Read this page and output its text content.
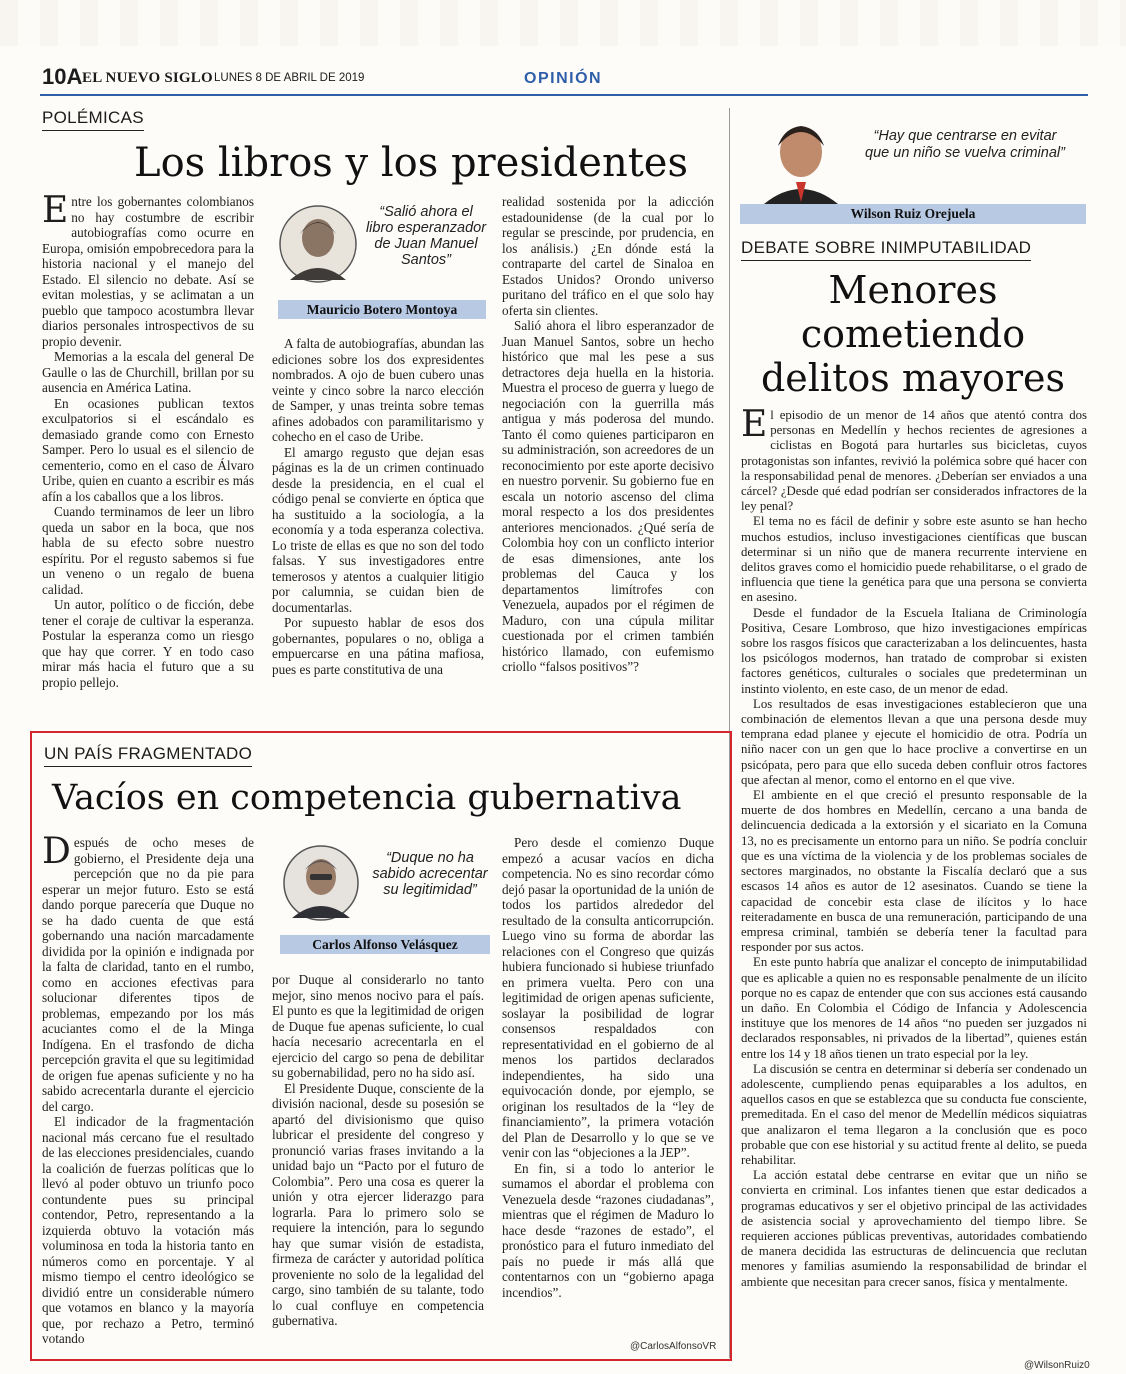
10A EL NUEVO SIGLO LUNES 8 DE ABRIL DE 2019	OPINIÓN
POLÉMICAS
Los libros y los presidentes

Entre los gobernantes colombianos no hay costumbre de escribir autobiografías como ocurre en Europa, omisión empobrecedora para la historia nacional y el manejo del Estado. El silencio no debate. Así se evitan molestias, y se aclimatan a un pueblo que tampoco acostumbra llevar diarios personales introspectivos de su propio devenir.

Memorias a la escala del general De Gaulle o las de Churchill, brillan por su ausencia en América Latina.

En ocasiones publican textos exculpatorios si el escándalo es demasiado grande como con Ernesto Samper. Pero lo usual es el silencio de cementerio, como en el caso de Álvaro Uribe, quien en cuanto a escribir es más afín a los caballos que a los libros.

Cuando terminamos de leer un libro queda un sabor en la boca, que nos habla de su efecto sobre nuestro espíritu. Por el regusto sabemos si fue un veneno o un regalo de buena calidad.

Un autor, político o de ficción, debe tener el coraje de cultivar la esperanza. Postular la esperanza como un riesgo que hay que correr. Y en todo caso mirar más hacia el futuro que a su propio pellejo.

“Salió ahora el libro esperanzador de Juan Manuel Santos”
Mauricio Botero Montoya

A falta de autobiografías, abundan las ediciones sobre los dos expresidentes nombrados. A ojo de buen cubero unas veinte y cinco sobre la narco elección de Samper, y unas treinta sobre temas afines adobados con paramilitarismo y cohecho en el caso de Uribe.

El amargo regusto que dejan esas páginas es la de un crimen continuado desde la presidencia, en el cual el código penal se convierte en óptica que ha sustituido a la sociología, a la economía y a toda esperanza colectiva. Lo triste de ellas es que no son del todo falsas. Y sus investigadores entre temerosos y atentos a cualquier litigio por calumnia, se cuidan bien de documentarlas.

Por supuesto hablar de esos dos gobernantes, populares o no, obliga a empuercarse en una pátina mafiosa, pues es parte constitutiva de una

realidad sostenida por la adicción estadounidense (de la cual por lo regular se prescinde, por prudencia, en los análisis.) ¿En dónde está la contraparte del cartel de Sinaloa en Estados Unidos? Orondo universo puritano del tráfico en el que solo hay oferta sin clientes.

Salió ahora el libro esperanzador de Juan Manuel Santos, sobre un hecho histórico que mal les pese a sus detractores deja huella en la historia. Muestra el proceso de guerra y luego de negociación con la guerrilla más antigua y más poderosa del mundo. Tanto él como quienes participaron en su administración, son acreedores de un reconocimiento por este aporte decisivo en nuestro porvenir. Su gobierno fue en escala un notorio ascenso del clima moral respecto a los dos presidentes anteriores mencionados. ¿Qué sería de Colombia hoy con un conflicto interior de esas dimensiones, ante los problemas del Cauca y los departamentos limítrofes con Venezuela, aupados por el régimen de Maduro, con una cúpula militar cuestionada por el crimen también histórico llamado, con eufemismo criollo “falsos positivos”?

UN PAÍS FRAGMENTADO
Vacíos en competencia gubernativa

Después de ocho meses de gobierno, el Presidente deja una percepción que no da pie para esperar un mejor futuro. Esto se está dando porque parecería que Duque no se ha dado cuenta de que está gobernando una nación marcadamente dividida por la opinión e indignada por la falta de claridad, tanto en el rumbo, como en acciones efectivas para solucionar diferentes tipos de problemas, empezando por los más acuciantes como el de la Minga Indígena. En el trasfondo de dicha percepción gravita el que su legitimidad de origen fue apenas suficiente y no ha sabido acrecentarla durante el ejercicio del cargo.

El indicador de la fragmentación nacional más cercano fue el resultado de las elecciones presidenciales, cuando la coalición de fuerzas políticas que lo llevó al poder obtuvo un triunfo poco contundente pues su principal contendor, Petro, representando a la izquierda obtuvo la votación más voluminosa en toda la historia tanto en números como en porcentaje. Y al mismo tiempo el centro ideológico se dividió entre un considerable número que votamos en blanco y la mayoría que, por rechazo a Petro, terminó votando

“Duque no ha sabido acrecentar su legitimidad”
Carlos Alfonso Velásquez

por Duque al considerarlo no tanto mejor, sino menos nocivo para el país. El punto es que la legitimidad de origen de Duque fue apenas suficiente, lo cual hacía necesario acrecentarla en el ejercicio del cargo so pena de debilitar su gobernabilidad, pero no ha sido así.

El Presidente Duque, consciente de la división nacional, desde su posesión se apartó del divisionismo que quiso lubricar el presidente del congreso y pronunció varias frases invitando a la unidad bajo un “Pacto por el futuro de Colombia”. Pero una cosa es querer la unión y otra ejercer liderazgo para lograrla. Para lo primero solo se requiere la intención, para lo segundo hay que sumar visión de estadista, firmeza de carácter y autoridad política proveniente no solo de la legalidad del cargo, sino también de su talante, todo lo cual confluye en competencia gubernativa.

Pero desde el comienzo Duque empezó a acusar vacíos en dicha competencia. No es sino recordar cómo dejó pasar la oportunidad de la unión de todos los partidos alrededor del resultado de la consulta anticorrupción. Luego vino su forma de abordar las relaciones con el Congreso que quizás hubiera funcionado si hubiese triunfado en primera vuelta. Pero con una legitimidad de origen apenas suficiente, soslayar la posibilidad de lograr consensos respaldados con representatividad en el gobierno de al menos los partidos declarados independientes, ha sido una equivocación donde, por ejemplo, se originan los resultados de la “ley de financiamiento”, la primera votación del Plan de Desarrollo y lo que se ve venir con las “objeciones a la JEP”.

En fin, si a todo lo anterior le sumamos el abordar el problema con Venezuela desde “razones ciudadanas”, mientras que el régimen de Maduro lo hace desde “razones de estado”, el pronóstico para el futuro inmediato del país no puede ir más allá que contentarnos con un “gobierno apaga incendios”.

@CarlosAlfonsoVR
“Hay que centrarse en evitar que un niño se vuelva criminal”
Wilson Ruiz Orejuela
DEBATE SOBRE INIMPUTABILIDAD
Menores
cometiendo
delitos mayores

El episodio de un menor de 14 años que atentó contra dos personas en Medellín y hechos recientes de agresiones a ciclistas en Bogotá para hurtarles sus bicicletas, cuyos protagonistas son infantes, revivió la polémica sobre qué hacer con la responsabilidad penal de menores. ¿Deberían ser enviados a una cárcel? ¿Desde qué edad podrían ser considerados infractores de la ley penal?

El tema no es fácil de definir y sobre este asunto se han hecho muchos estudios, incluso investigaciones científicas que buscan determinar si un niño que de manera recurrente interviene en delitos graves como el homicidio puede rehabilitarse, o el grado de influencia que tiene la genética para que una persona se convierta en asesino.

Desde el fundador de la Escuela Italiana de Criminología Positiva, Cesare Lombroso, que hizo investigaciones empíricas sobre los rasgos físicos que caracterizaban a los delincuentes, hasta los psicólogos modernos, han tratado de comprobar si existen factores genéticos, culturales o sociales que predeterminan un instinto violento, en este caso, de un menor de edad.

Los resultados de esas investigaciones establecieron que una combinación de elementos llevan a que una persona desde muy temprana edad planee y ejecute el homicidio de otra. Podría un niño nacer con un gen que lo hace proclive a convertirse en un psicópata, pero para que ello suceda deben confluir otros factores que afectan al menor, como el entorno en el que vive.

El ambiente en el que creció el presunto responsable de la muerte de dos hombres en Medellín, cercano a una banda de delincuencia dedicada a la extorsión y el sicariato en la Comuna 13, no es precisamente un entorno para un niño. Se podría concluir que es una víctima de la violencia y de los problemas sociales de sectores marginados, no obstante la Fiscalía declaró que a sus escasos 14 años es autor de 12 asesinatos. Cuando se tiene la capacidad de concebir esta clase de ilícitos y lo hace reiteradamente en busca de una remuneración, participando de una empresa criminal, también se debería tener la facultad para responder por sus actos.

En este punto habría que analizar el concepto de inimputabilidad que es aplicable a quien no es responsable penalmente de un ilícito porque no es capaz de entender que con sus acciones está causando un daño. En Colombia el Código de Infancia y Adolescencia instituye que los menores de 14 años “no pueden ser juzgados ni declarados responsables, ni privados de la libertad”, quienes están entre los 14 y 18 años tienen un trato especial por la ley.

La discusión se centra en determinar si debería ser condenado un adolescente, cumpliendo penas equiparables a los adultos, en aquellos casos en que se establezca que su conducta fue consciente, premeditada. En el caso del menor de Medellín médicos siquiatras que analizaron el tema llegaron a la conclusión que es poco probable que con ese historial y su actitud frente al delito, se pueda rehabilitar.

La acción estatal debe centrarse en evitar que un niño se convierta en criminal. Los infantes tienen que estar dedicados a programas educativos y ser el objetivo principal de las actividades de asistencia social y aprovechamiento del tiempo libre. Se requieren acciones públicas preventivas, autoridades combatiendo de manera decidida las estructuras de delincuencia que reclutan menores y familias asumiendo la responsabilidad de brindar el ambiente que necesitan para crecer sanos, física y mentalmente.

@WilsonRuiz0
